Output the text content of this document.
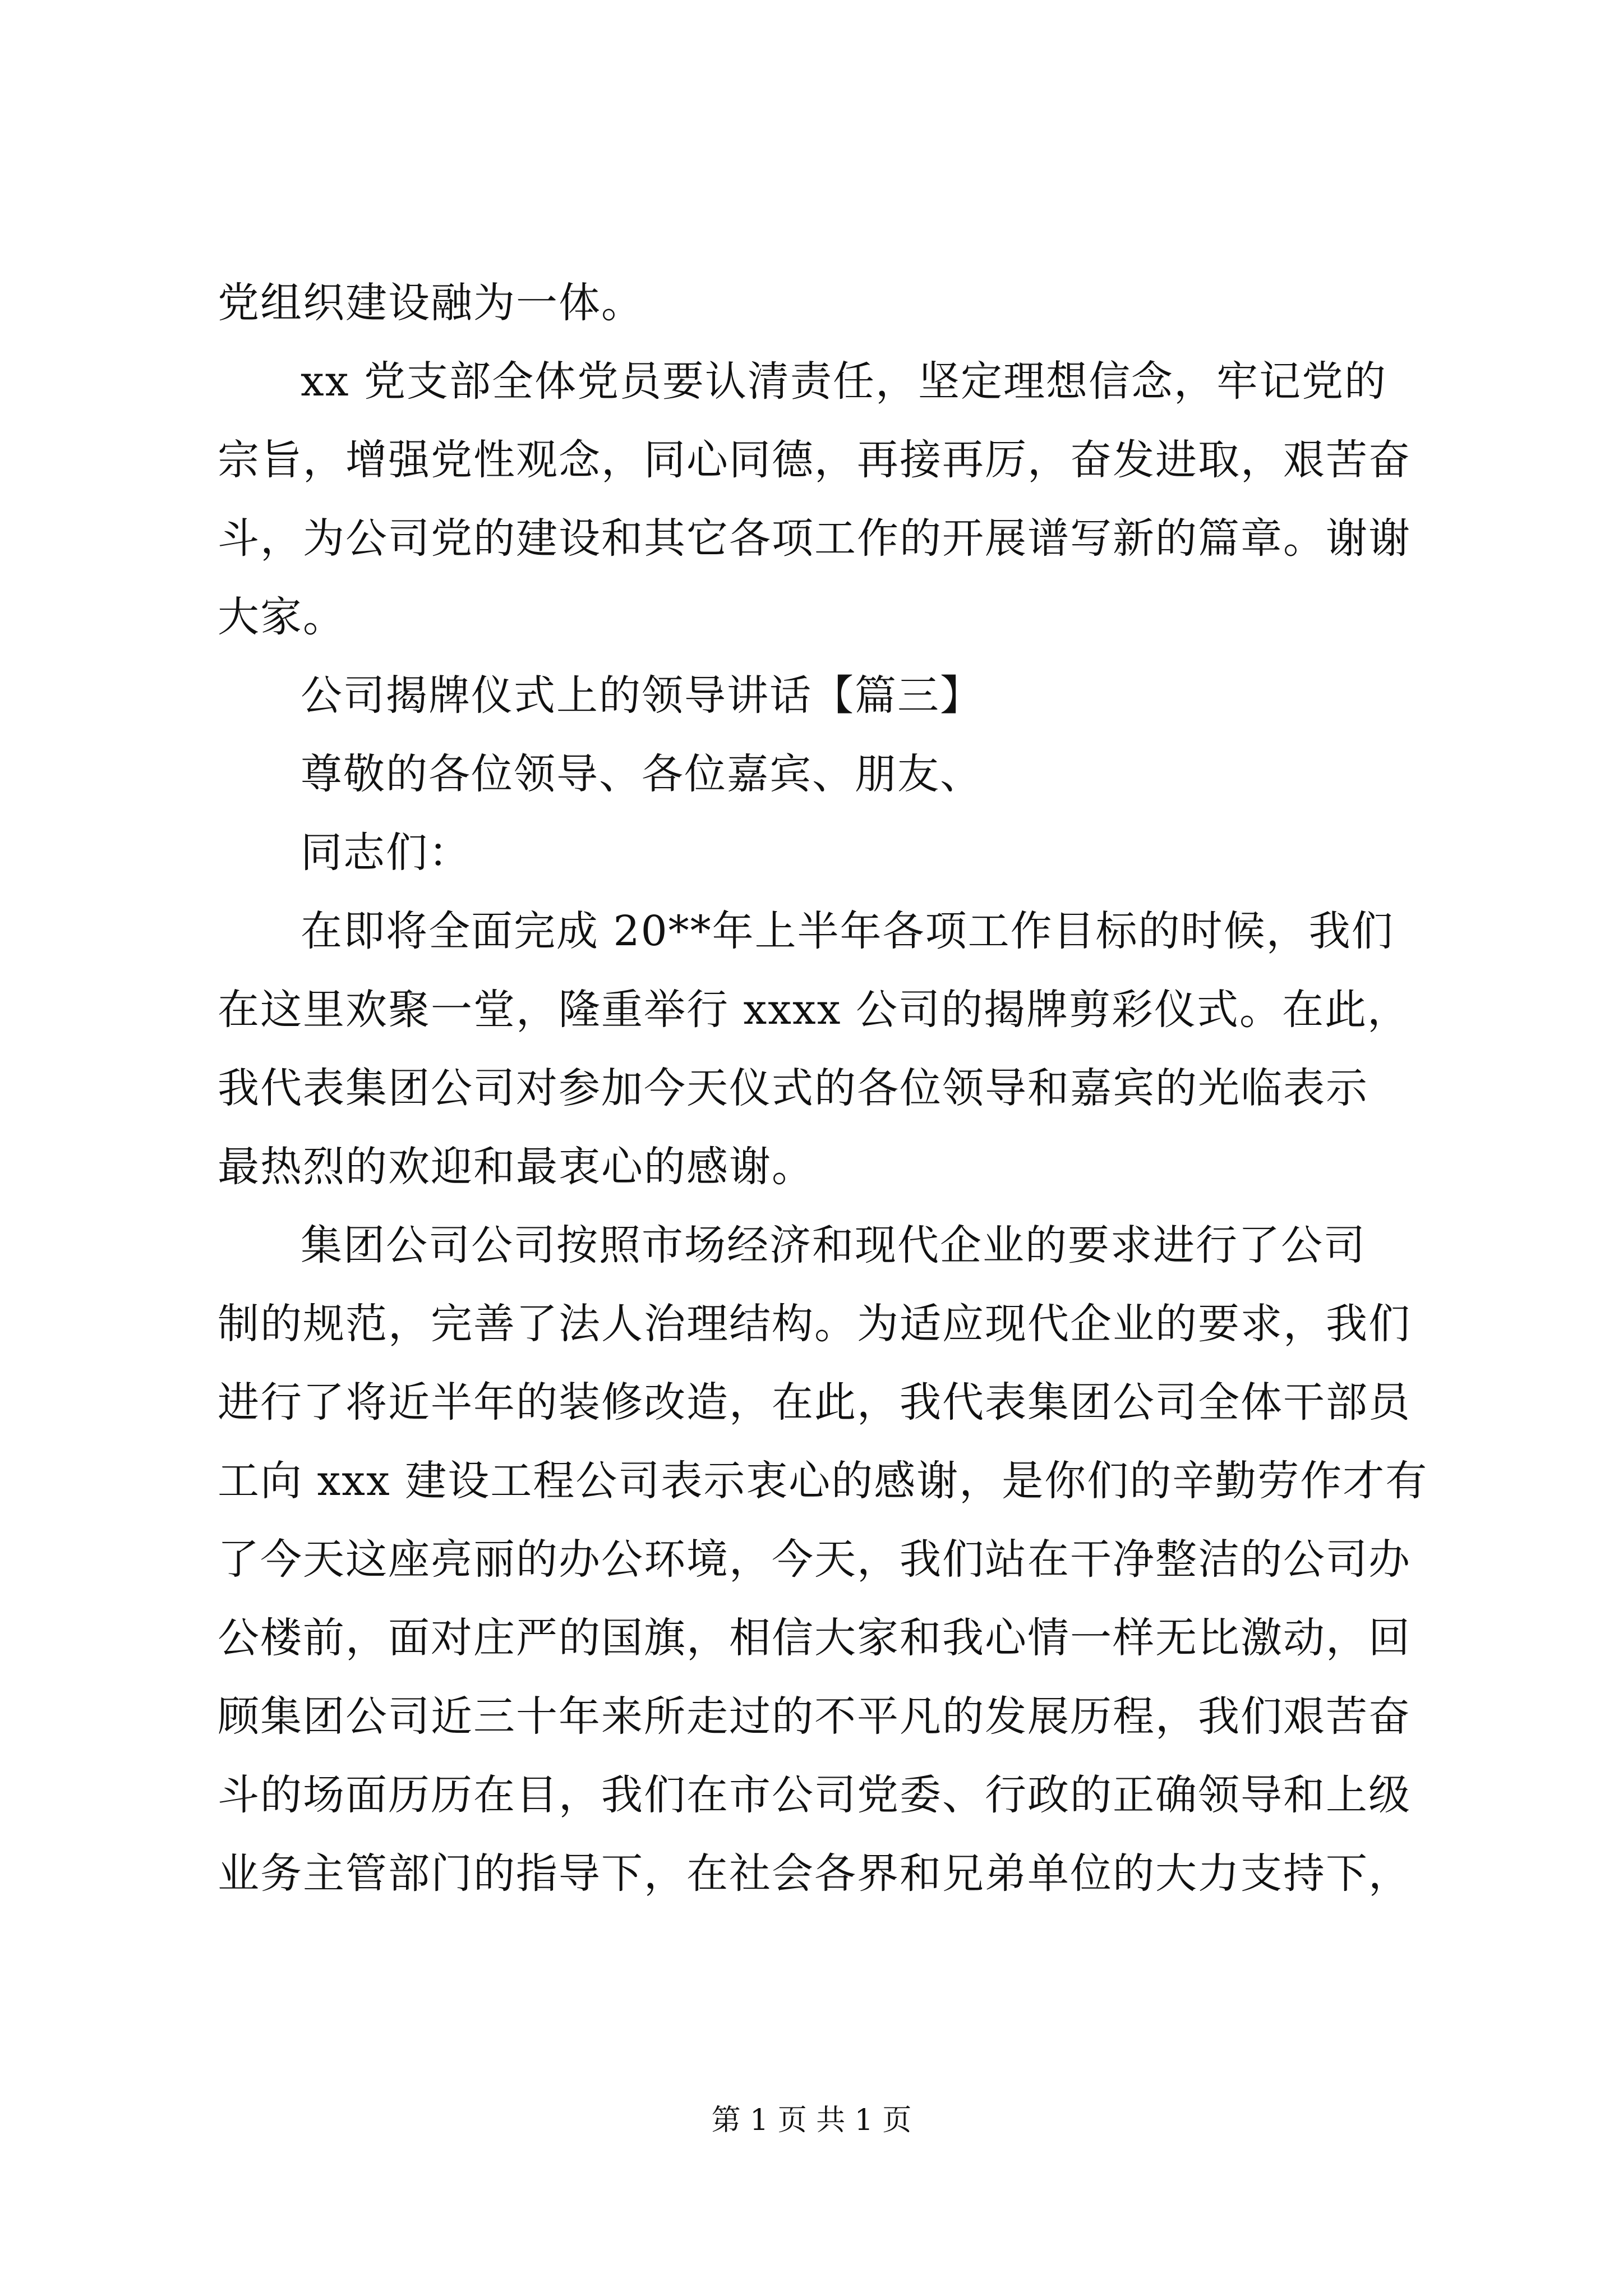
党组织建设融为一体。
xx 党支部全体党员要认清责任，坚定理想信念，牢记党的
宗旨，增强党性观念，同心同德，再接再厉，奋发进取，艰苦奋
斗，为公司党的建设和其它各项工作的开展谱写新的篇章。谢谢
大家。
公司揭牌仪式上的领导讲话【篇三】
尊敬的各位领导、各位嘉宾、朋友、
同志们：
在即将全面完成 20**年上半年各项工作目标的时候，我们
在这里欢聚一堂，隆重举行 xxxx 公司的揭牌剪彩仪式。在此，
我代表集团公司对参加今天仪式的各位领导和嘉宾的光临表示
最热烈的欢迎和最衷心的感谢。
集团公司公司按照市场经济和现代企业的要求进行了公司
制的规范，完善了法人治理结构。为适应现代企业的要求，我们
进行了将近半年的装修改造，在此，我代表集团公司全体干部员
工向 xxx 建设工程公司表示衷心的感谢，是你们的辛勤劳作才有
了今天这座亮丽的办公环境，今天，我们站在干净整洁的公司办
公楼前，面对庄严的国旗，相信大家和我心情一样无比激动，回
顾集团公司近三十年来所走过的不平凡的发展历程，我们艰苦奋
斗的场面历历在目，我们在市公司党委、行政的正确领导和上级
业务主管部门的指导下，在社会各界和兄弟单位的大力支持下，
第 1 页 共 1 页
